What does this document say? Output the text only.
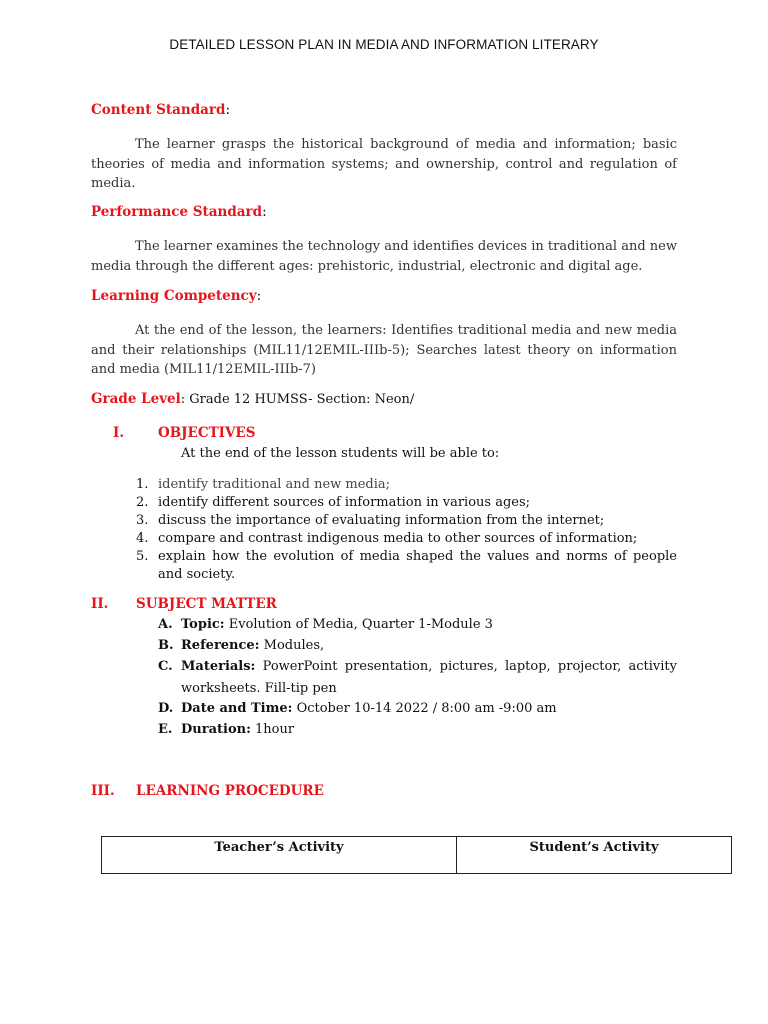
DETAILED LESSON PLAN IN MEDIA AND INFORMATION LITERARY
Content Standard:
The learner grasps the historical background of media and information; basic theories of media and information systems; and ownership, control and regulation of media.
Performance Standard:
The learner examines the technology and identifies devices in traditional and new media through the different ages: prehistoric, industrial, electronic and digital age.
Learning Competency:
At the end of the lesson, the learners: Identifies traditional media and new media and their relationships (MIL11/12EMIL-IIIb-5); Searches latest theory on information and media (MIL11/12EMIL-IIIb-7)
Grade Level: Grade 12 HUMSS- Section: Neon/
I.	OBJECTIVES
At the end of the lesson students will be able to:
1. identify traditional and new media;
2. identify different sources of information in various ages;
3. discuss the importance of evaluating information from the internet;
4. compare and contrast indigenous media to other sources of information;
5. explain how the evolution of media shaped the values and norms of people and society.
II. SUBJECT MATTER
A. Topic: Evolution of Media, Quarter 1-Module 3
B. Reference: Modules,
C. Materials: PowerPoint presentation, pictures, laptop, projector, activity worksheets. Fill-tip pen
D. Date and Time: October 10-14 2022 / 8:00 am -9:00 am
E. Duration: 1hour
III. LEARNING PROCEDURE
Teacher’s Activity	Student’s Activity
